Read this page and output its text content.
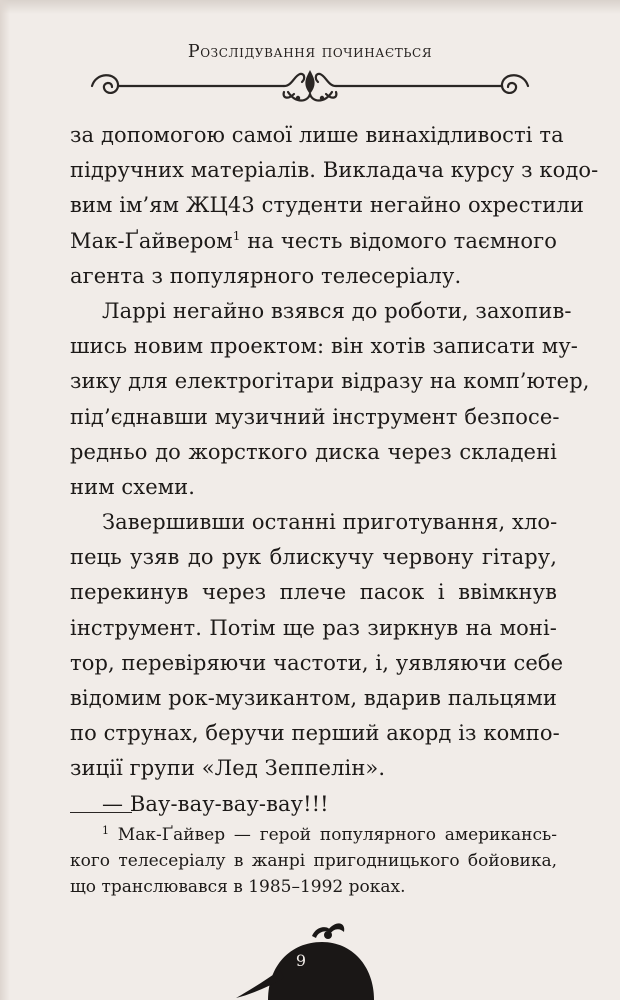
Розслідування починається
за допомогою самої лише винахідливості та
підручних матеріалів. Викладача курсу з кодо-
вим ім’ям ЖЦ43 студенти негайно охрестили
Мак-Ґайвером$^1$ на честь відомого таємного
агента з популярного телесеріалу.
Ларрі негайно взявся до роботи, захопив-
шись новим проектом: він хотів записати му-
зику для електрогітари відразу на комп’ютер,
під’єднавши музичний інструмент безпосе-
редньо до жорсткого диска через складені
ним схеми.
Завершивши останні приготування, хло-
пець узяв до рук блискучу червону гітару,
перекинув через плече пасок і ввімкнув
інструмент. Потім ще раз зиркнув на моні-
тор, перевіряючи частоти, і, уявляючи себе
відомим рок-музикантом, вдарив пальцями
по струнах, беручи перший акорд із компо-
зиції групи «Лед Зеппелін».
— Вау-вау-вау-вау!!!
$^1$ Мак-Ґайвер — герой популярного американсь-
кого телесеріалу в жанрі пригодницького бойовика,
що транслювався в 1985–1992 роках.
9
